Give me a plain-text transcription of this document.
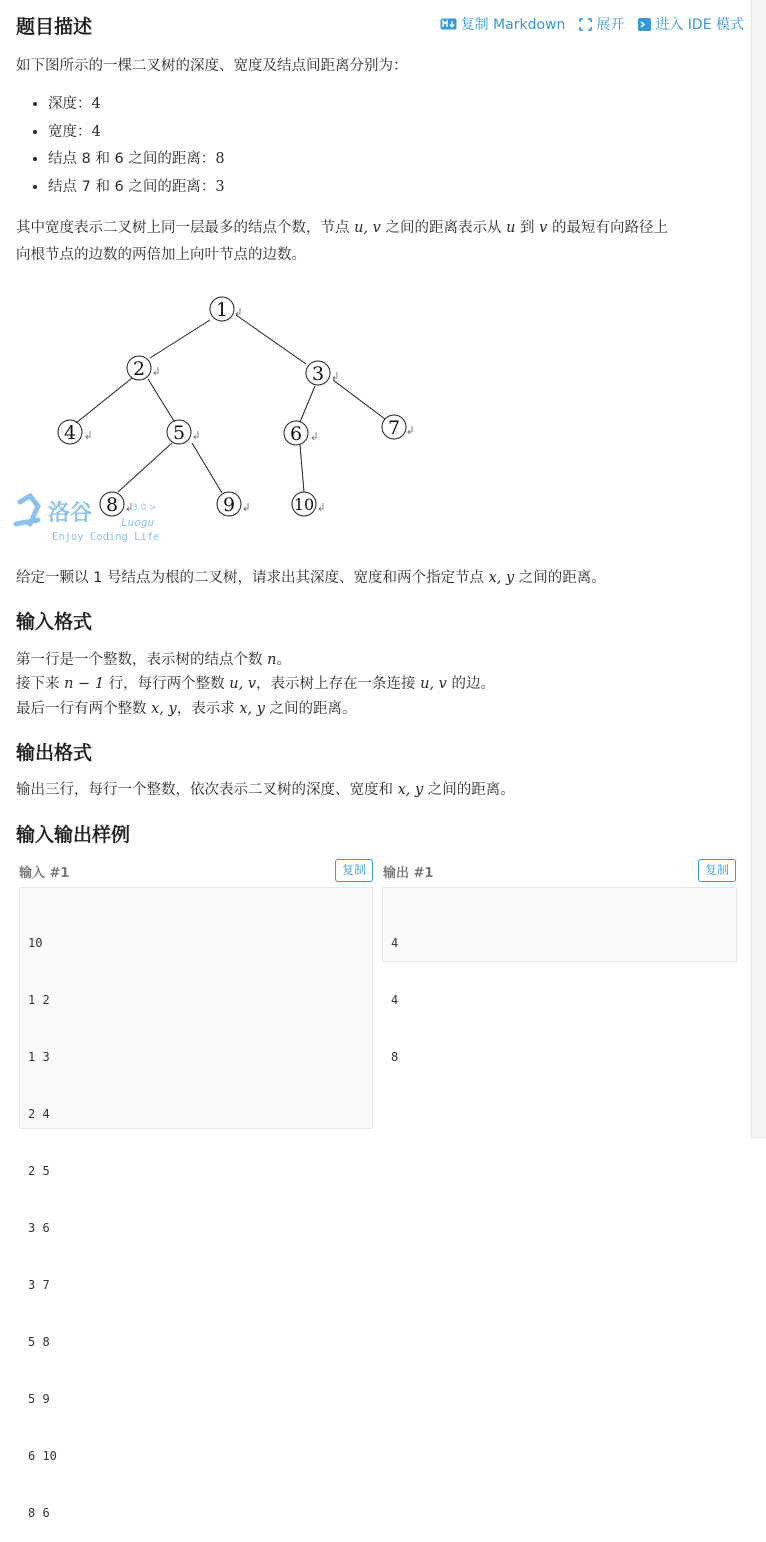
题目描述	复制 Markdown 展开 进入 IDE 模式

如下图所示的一棵二叉树的深度、宽度及结点间距离分别为：

• 深度：4
• 宽度：4
• 结点 8 和 6 之间的距离：8
• 结点 7 和 6 之间的距离：3

其中宽度表示二叉树上同一层最多的结点个数，节点 u, v 之间的距离表示从 u 到 v 的最短有向路径上

向根节点的边数的两倍加上向叶节点的边数。

1
2	3
4	5	6	7
8	9	10
洛谷	3.0 >
Luogu
Enjoy Coding Life

给定一颗以 1 号结点为根的二叉树，请求出其深度、宽度和两个指定节点 x, y 之间的距离。

输入格式

第一行是一个整数，表示树的结点个数 n。

接下来 n − 1 行，每行两个整数 u, v，表示树上存在一条连接 u, v 的边。

最后一行有两个整数 x, y，表示求 x, y 之间的距离。

输出格式

输出三行，每行一个整数，依次表示二叉树的深度、宽度和 x, y 之间的距离。

输入输出样例
输入 #1	复制

10

1 2

1 3

2 4

2 5

3 6

3 7

5 8

5 9

6 10

8 6

输出 #1	复制

4

4

8
